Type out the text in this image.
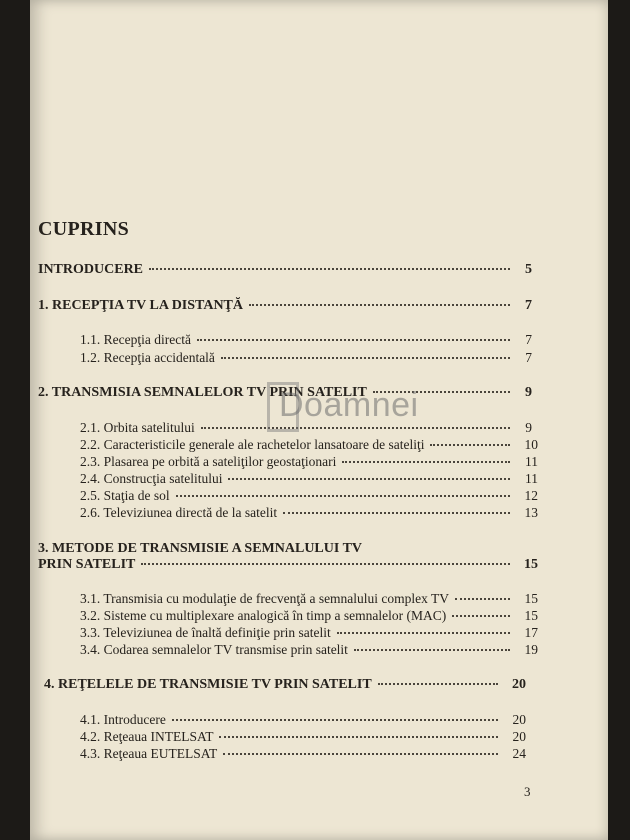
CUPRINS
INTRODUCERE	5
1. RECEPŢIA TV LA DISTANŢĂ	7
1.1. Recepţia directă	7
1.2. Recepţia accidentală	7
2. TRANSMISIA SEMNALELOR TV PRIN SATELIT	9
2.1. Orbita satelitului	9
2.2. Caracteristicile generale ale rachetelor lansatoare de sateliţi	10
2.3. Plasarea pe orbită a sateliţilor geostaţionari	11
2.4. Construcţia satelitului	11
2.5. Staţia de sol	12
2.6. Televiziunea directă de la satelit	13
3. METODE DE TRANSMISIE A SEMNALULUI TV
PRIN SATELIT	15
3.1. Transmisia cu modulaţie de frecvenţă a semnalului complex TV	15
3.2. Sisteme cu multiplexare analogică în timp a semnalelor (MAC)	15
3.3. Televiziunea de înaltă definiţie prin satelit	17
3.4. Codarea semnalelor TV transmise prin satelit	19
4. REŢELELE DE TRANSMISIE TV PRIN SATELIT	20
4.1. Introducere	20
4.2. Reţeaua INTELSAT	20
4.3. Reţeaua EUTELSAT	24
3
Doamnei
